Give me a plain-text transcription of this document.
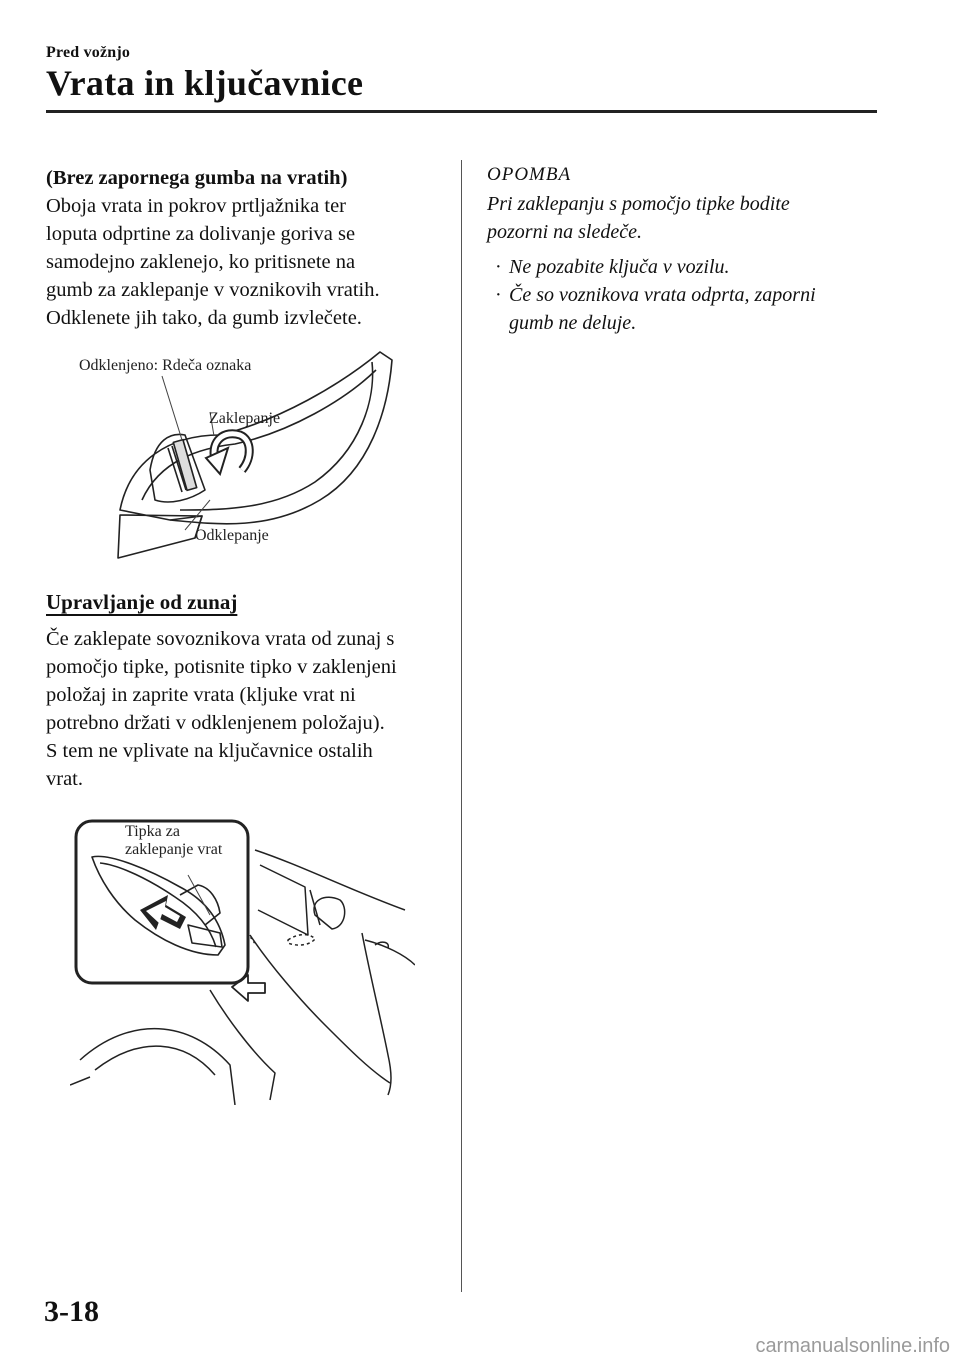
Pred vožnjo
Vrata in ključavnice
(Brez zapornega gumba na vratih)
Oboja vrata in pokrov prtljažnika ter
loputa odprtine za dolivanje goriva se
samodejno zaklenejo, ko pritisnete na
gumb za zaklepanje v voznikovih vratih.
Odklenete jih tako, da gumb izvlečete.
Odklenjeno: Rdeča oznaka
Zaklepanje
Odklepanje
Upravljanje od zunaj
Če zaklepate sovoznikova vrata od zunaj s
pomočjo tipke, potisnite tipko v zaklenjeni
položaj in zaprite vrata (kljuke vrat ni
potrebno držati v odklenjenem položaju).
S tem ne vplivate na ključavnice ostalih
vrat.
Tipka za
zaklepanje vrat
OPOMBA
Pri zaklepanju s pomočjo tipke bodite
pozorni na sledeče.
· Ne pozabite ključa v vozilu.
· Če so voznikova vrata odprta, zaporni
gumb ne deluje.
3-18
carmanualsonline.info
